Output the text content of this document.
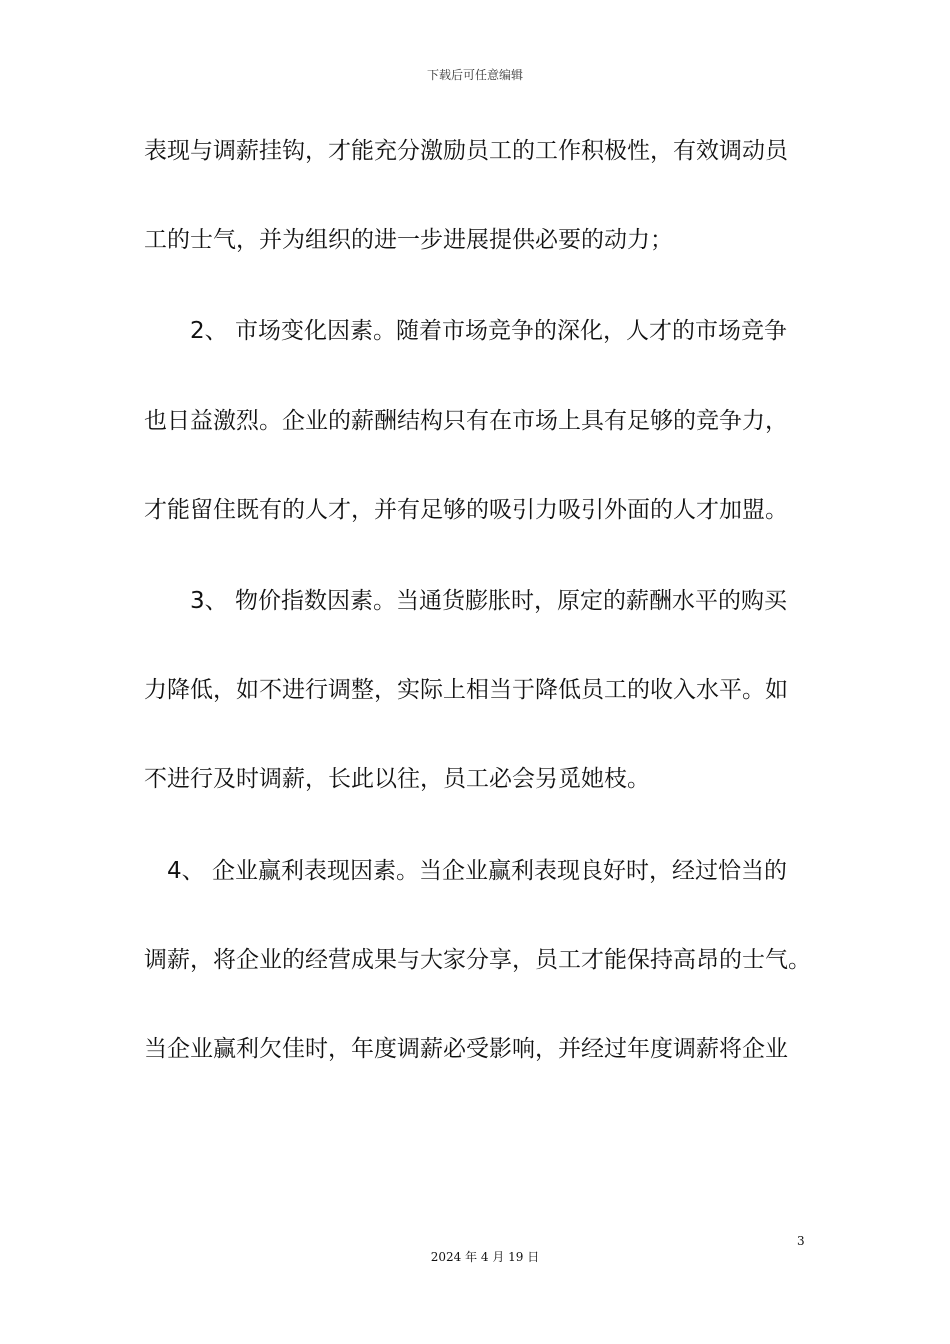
下载后可任意编辑
表现与调薪挂钩，才能充分激励员工的工作积极性，有效调动员
工的士气，并为组织的进一步进展提供必要的动力；
2、 市场变化因素。随着市场竞争的深化，人才的市场竞争
也日益激烈。企业的薪酬结构只有在市场上具有足够的竞争力，
才能留住既有的人才，并有足够的吸引力吸引外面的人才加盟。
3、 物价指数因素。当通货膨胀时，原定的薪酬水平的购买
力降低，如不进行调整，实际上相当于降低员工的收入水平。如
不进行及时调薪，长此以往，员工必会另觅她枝。
4、 企业赢利表现因素。当企业赢利表现良好时，经过恰当的
调薪，将企业的经营成果与大家分享，员工才能保持高昂的士气。
当企业赢利欠佳时，年度调薪必受影响，并经过年度调薪将企业
3
2024 年 4 月 19 日
